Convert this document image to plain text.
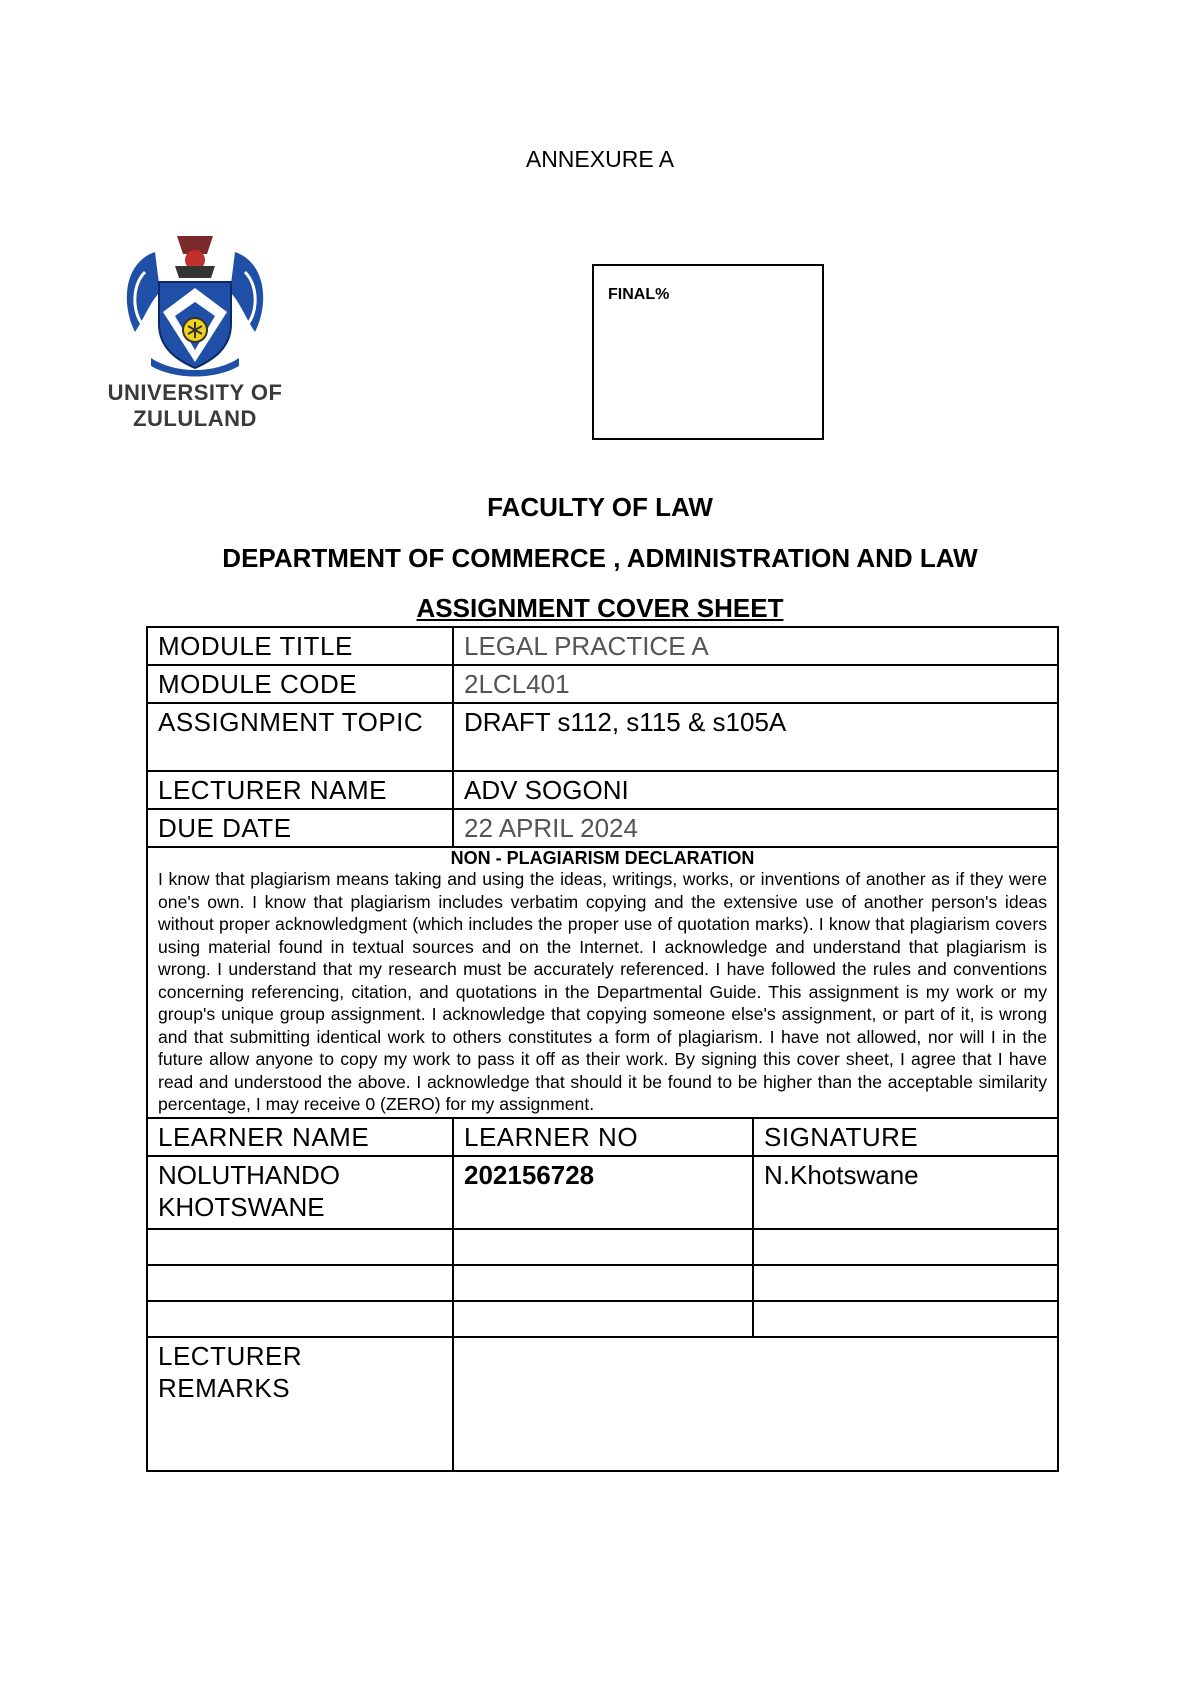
ANNEXURE A
UNIVERSITY OF
ZULULAND
FINAL%
FACULTY OF LAW
DEPARTMENT OF COMMERCE , ADMINISTRATION AND LAW
ASSIGNMENT COVER SHEET
MODULE TITLE	LEGAL PRACTICE A	
MODULE CODE	2LCL401	
ASSIGNMENT TOPIC	DRAFT s112, s115 & s105A	
LECTURER NAME	ADV SOGONI	
DUE DATE	22 APRIL 2024	

NON - PLAGIARISM DECLARATION

I know that plagiarism means taking and using the ideas, writings, works, or inventions of another as if they were one's own. I know that plagiarism includes verbatim copying and the extensive use of another person's ideas without proper acknowledgment (which includes the proper use of quotation marks). I know that plagiarism covers using material found in textual sources and on the Internet. I acknowledge and understand that plagiarism is wrong. I understand that my research must be accurately referenced. I have followed the rules and conventions concerning referencing, citation, and quotations in the Departmental Guide. This assignment is my work or my group's unique group assignment. I acknowledge that copying someone else's assignment, or part of it, is wrong and that submitting identical work to others constitutes a form of plagiarism. I have not allowed, nor will I in the future allow anyone to copy my work to pass it off as their work. By signing this cover sheet, I agree that I have read and understood the above. I acknowledge that should it be found to be higher than the acceptable similarity percentage, I may receive 0 (ZERO) for my assignment.		

LEARNER NAME	LEARNER NO	SIGNATURE

NOLUTHANDO
KHOTSWANE	202156728	N.Khotswane

LECTURER
REMARKS		
